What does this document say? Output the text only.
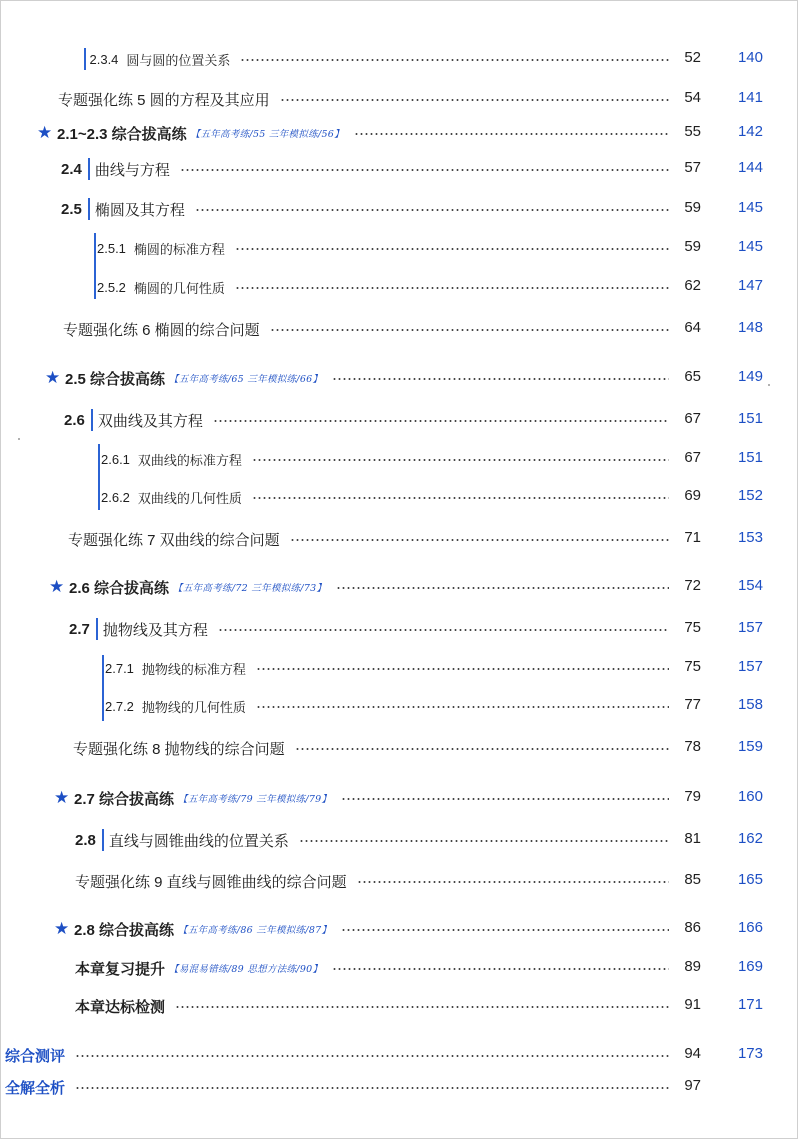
2.3.4 圆与圆的位置关系	52	140
专题强化练 5 圆的方程及其应用	54	141
★ 2.1~2.3 综合拔高练 【五年高考练/55 三年模拟练/56】	55	142
2.4 曲线与方程	57	144
2.5 椭圆及其方程	59	145
2.5.1 椭圆的标准方程	59	145
2.5.2 椭圆的几何性质	62	147
专题强化练 6 椭圆的综合问题	64	148
★ 2.5 综合拔高练 【五年高考练/65 三年模拟练/66】	65	149
2.6 双曲线及其方程	67	151
2.6.1 双曲线的标准方程	67	151
2.6.2 双曲线的几何性质	69	152
专题强化练 7 双曲线的综合问题	71	153
★ 2.6 综合拔高练 【五年高考练/72 三年模拟练/73】	72	154
2.7 抛物线及其方程	75	157
2.7.1 抛物线的标准方程	75	157
2.7.2 抛物线的几何性质	77	158
专题强化练 8 抛物线的综合问题	78	159
★ 2.7 综合拔高练 【五年高考练/79 三年模拟练/79】	79	160
2.8 直线与圆锥曲线的位置关系	81	162
专题强化练 9 直线与圆锥曲线的综合问题	85	165
★ 2.8 综合拔高练 【五年高考练/86 三年模拟练/87】	86	166
本章复习提升 【易混易错练/89 思想方法练/90】	89	169
本章达标检测	91	171
综合测评	94	173
全解全析	97
